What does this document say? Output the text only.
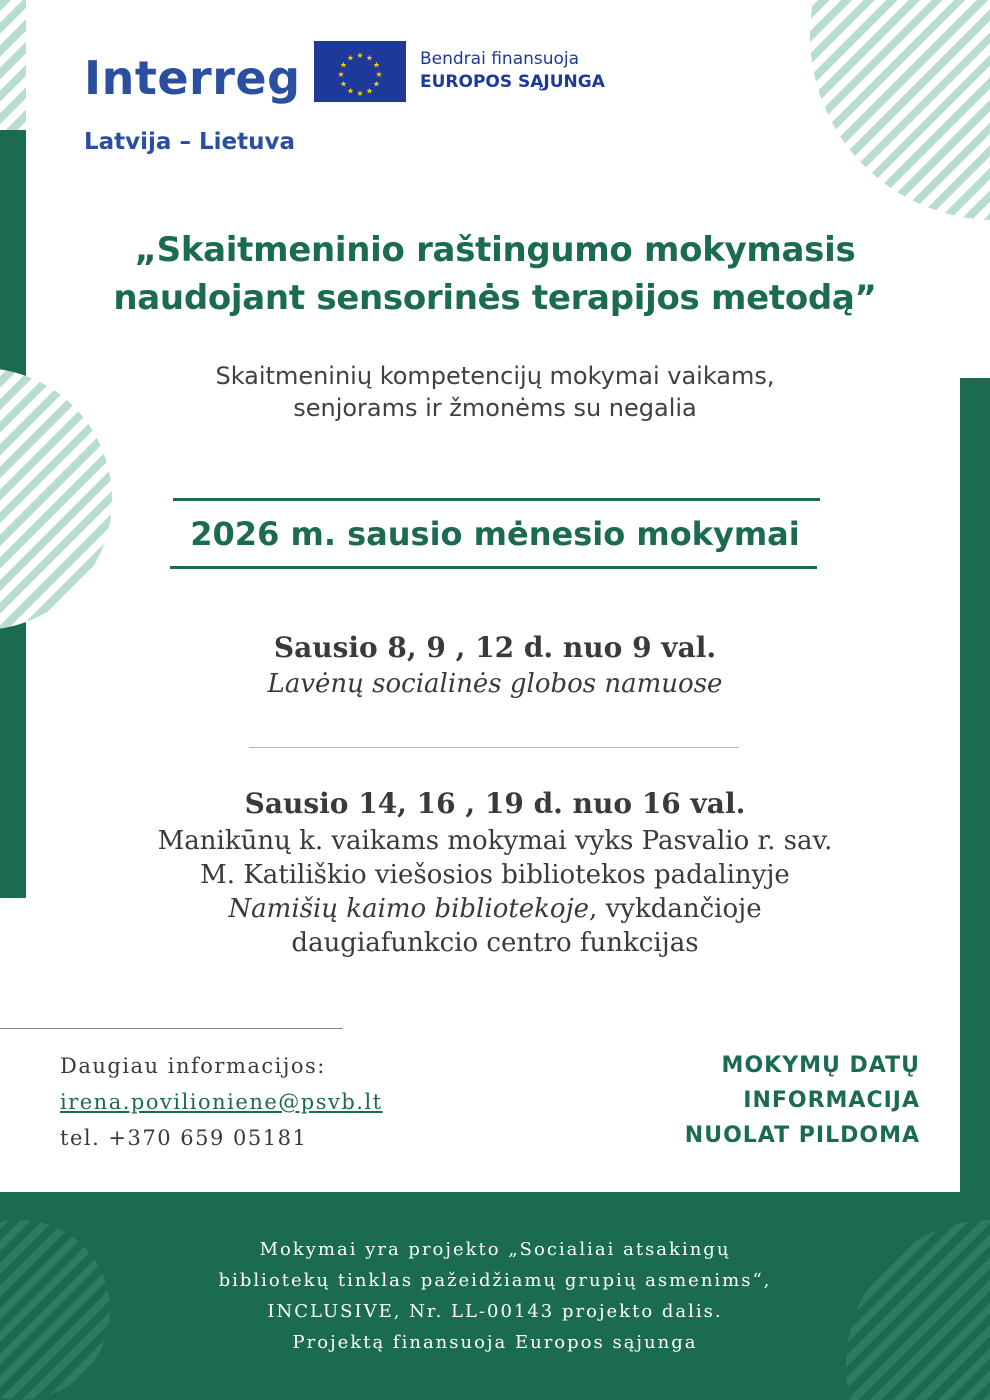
Interreg
Latvija – Lietuva
★ ★
★
★
★
★
★
★
★
★
★
★	Bendrai finansuoja
EUROPOS SĄJUNGA
„Skaitmeninio raštingumo mokymasis
naudojant sensorinės terapijos metodą”
Skaitmeninių kompetencijų mokymai vaikams,
senjorams ir žmonėms su negalia
2026 m. sausio mėnesio mokymai
Sausio 8, 9 , 12 d. nuo 9 val.
Lavėnų socialinės globos namuose
Sausio 14, 16 , 19 d. nuo 16 val.
Manikūnų k. vaikams mokymai vyks Pasvalio r. sav.
M. Katiliškio viešosios bibliotekos padalinyje
Namišių kaimo bibliotekoje, vykdančioje
daugiafunkcio centro funkcijas
Daugiau informacijos:
irena.povilioniene@psvb.lt
tel. +370 659 05181
MOKYMŲ DATŲ
INFORMACIJA
NUOLAT PILDOMA
Mokymai yra projekto „Socialiai atsakingų
bibliotekų tinklas pažeidžiamų grupių asmenims“,
INCLUSIVE, Nr. LL-00143 projekto dalis.
Projektą finansuoja Europos sąjunga
